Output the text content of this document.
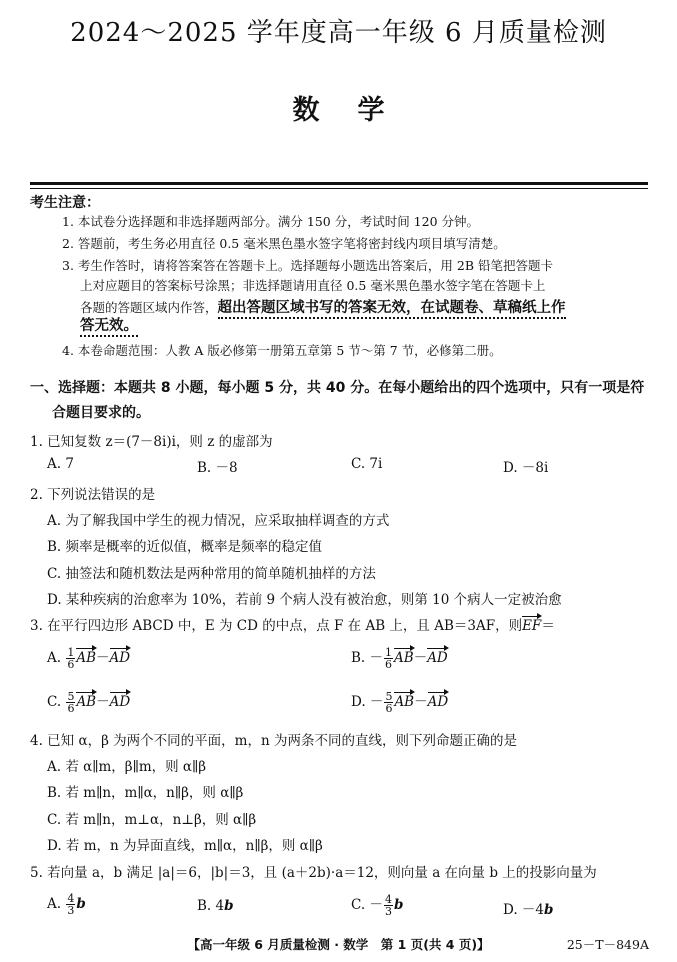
2024～2025 学年度高一年级 6 月质量检测
数学
考生注意：
1. 本试卷分选择题和非选择题两部分。满分 150 分，考试时间 120 分钟。
2. 答题前，考生务必用直径 0.5 毫米黑色墨水签字笔将密封线内项目填写清楚。
3. 考生作答时，请将答案答在答题卡上。选择题每小题选出答案后，用 2B 铅笔把答题卡
上对应题目的答案标号涂黑；非选择题请用直径 0.5 毫米黑色墨水签字笔在答题卡上
各题的答题区域内作答，超出答题区域书写的答案无效，在试题卷、草稿纸上作
答无效。
4. 本卷命题范围：人教 A 版必修第一册第五章第 5 节～第 7 节，必修第二册。
一、选择题：本题共 8 小题，每小题 5 分，共 40 分。在每小题给出的四个选项中，只有一项是符
合题目要求的。
1. 已知复数 z＝(7－8i)i，则 z 的虚部为
A. 7	B. －8	C. 7i	D. －8i
2. 下列说法错误的是
A. 为了解我国中学生的视力情况，应采取抽样调查的方式
B. 频率是概率的近似值，概率是频率的稳定值
C. 抽签法和随机数法是两种常用的简单随机抽样的方法
D. 某种疾病的治愈率为 10%，若前 9 个病人没有被治愈，则第 10 个病人一定被治愈
3. 在平行四边形 ABCD 中，E 为 CD 的中点，点 F 在 AB 上，且 AB＝3AF，则EF＝
A. $\frac{1}{6} AB-AD$	B. － $\frac{1}{6} AB-AD$
C. $\frac{5}{6} AB-AD$	D. － $\frac{5}{6} AB-AD$
4. 已知 α，β 为两个不同的平面，m，n 为两条不同的直线，则下列命题正确的是
A. 若 α∥m，β∥m，则 α∥β
B. 若 m∥n，m∥α，n∥β，则 α∥β
C. 若 m∥n，m⊥α，n⊥β，则 α∥β
D. 若 m，n 为异面直线，m∥α，n∥β，则 α∥β
5. 若向量 a，b 满足 |a|＝6，|b|＝3，且 (a＋2b)·a＝12，则向量 a 在向量 b 上的投影向量为
A. $\frac{4}{3}$ b	B. 4b	C. － $\frac{4}{3}$ b	D. －4b
【高一年级 6 月质量检测 · 数学　第 1 页(共 4 页)】	25－T－849A
